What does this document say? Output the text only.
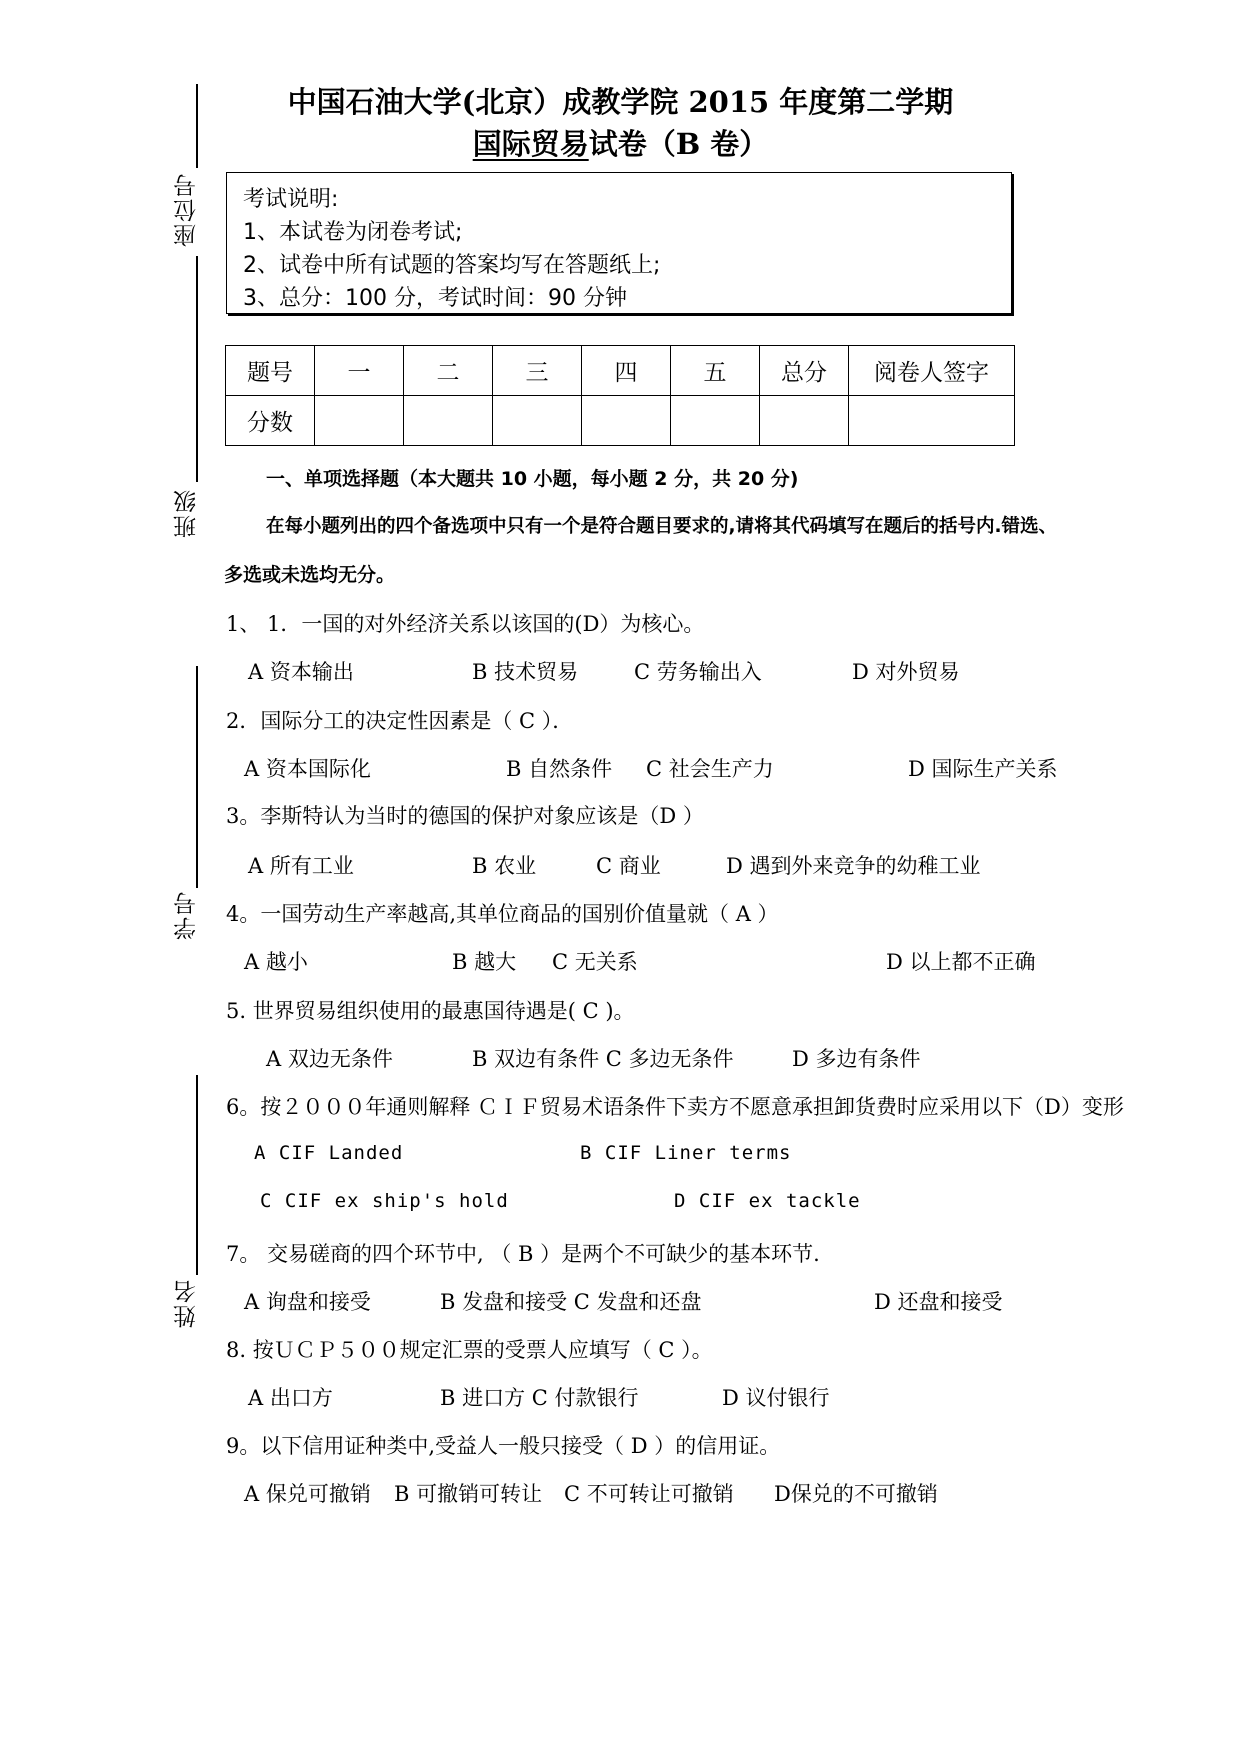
座位号
班级
学号
姓名
中国石油大学(北京）成教学院 2015 年度第二学期
国际贸易试卷（B 卷）
考试说明:
1、本试卷为闭卷考试;
2、试卷中所有试题的答案均写在答题纸上;
3、总分：100 分，考试时间：90 分钟
题号	一	二	三	四	五	总分	阅卷人签字
分数							
一、单项选择题（本大题共 10 小题，每小题 2 分，共 20 分)
在每小题列出的四个备选项中只有一个是符合题目要求的,请将其代码填写在题后的括号内.错选、
多选或未选均无分。
1、 1．一国的对外经济关系以该国的(D）为核心。
A 资本输出	B 技术贸易	C 劳务输出入	D 对外贸易
2．国际分工的决定性因素是（ C ）．
A 资本国际化	B 自然条件 C 社会生产力	D 国际生产关系
3。李斯特认为当时的德国的保护对象应该是（D ）
A 所有工业	B 农业	C 商业	D 遇到外来竞争的幼稚工业
4。一国劳动生产率越高,其单位商品的国别价值量就（ A ）
A 越小	B 越大 C 无关系	D 以上都不正确
5. 世界贸易组织使用的最惠国待遇是( C )。
A 双边无条件	B 双边有条件 C 多边无条件	D 多边有条件
6。按２０００年通则解释 ＣＩＦ贸易术语条件下卖方不愿意承担卸货费时应采用以下（D）变形
A CIF Landed	B CIF Liner terms
C CIF ex ship's hold	D CIF ex tackle
7。 交易磋商的四个环节中, （ B ）是两个不可缺少的基本环节.
A 询盘和接受	B 发盘和接受 C 发盘和还盘	D 还盘和接受
8. 按ＵＣＰ５００规定汇票的受票人应填写（ C ）。
A 出口方	B 进口方 C 付款银行	D 议付银行
9。以下信用证种类中,受益人一般只接受（ D ）的信用证。
A 保兑可撤销 B 可撤销可转让 C 不可转让可撤销 D保兑的不可撤销
